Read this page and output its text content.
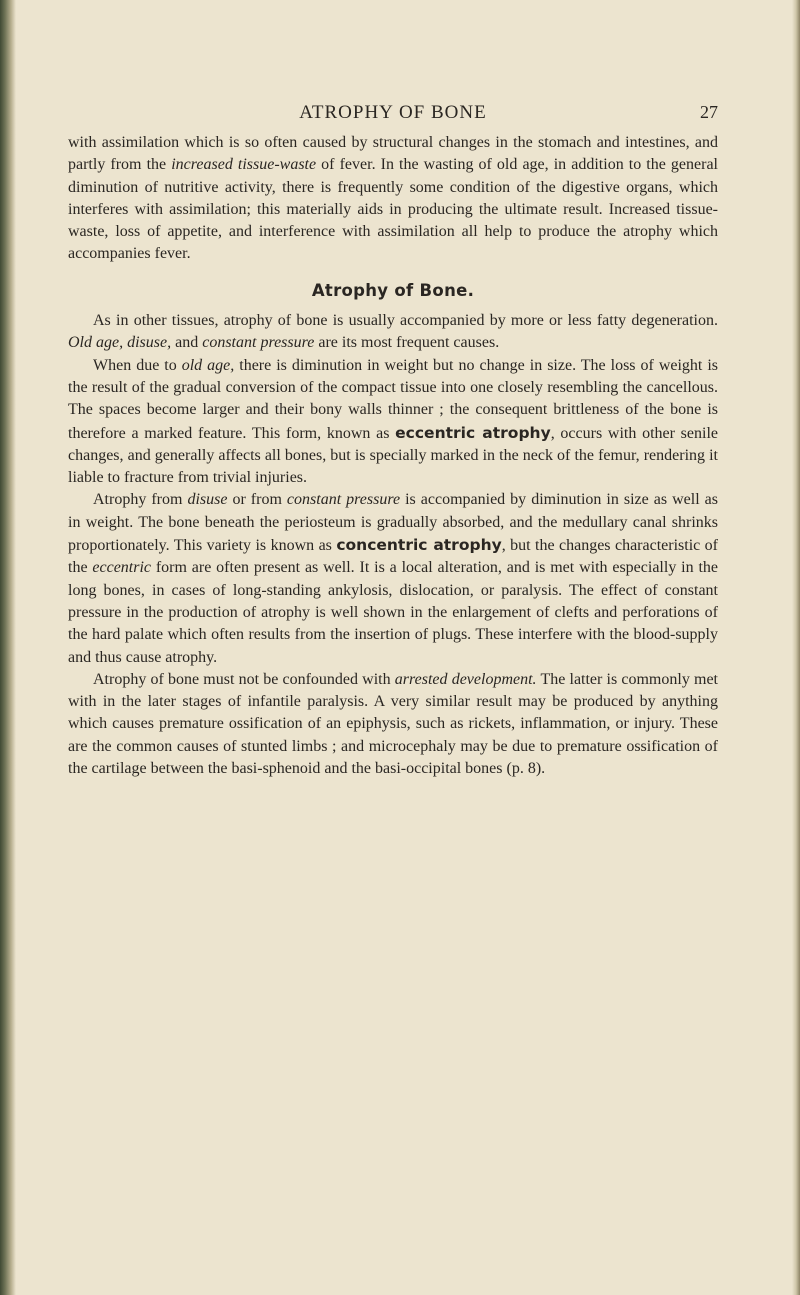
ATROPHY OF BONE	27

with assimilation which is so often caused by structural changes in the stomach and intestines, and partly from the increased tissue-waste of fever. In the wasting of old age, in addition to the general diminution of nutritive activity, there is frequently some condition of the digestive organs, which interferes with assimilation; this materially aids in producing the ultimate result. Increased tissue-waste, loss of appetite, and interference with assimilation all help to produce the atrophy which accompanies fever.

Atrophy of Bone.

As in other tissues, atrophy of bone is usually accompanied by more or less fatty degeneration. Old age, disuse, and constant pressure are its most frequent causes.

When due to old age, there is diminution in weight but no change in size. The loss of weight is the result of the gradual conversion of the compact tissue into one closely resembling the cancellous. The spaces become larger and their bony walls thinner ; the consequent brittleness of the bone is therefore a marked feature. This form, known as eccentric atrophy, occurs with other senile changes, and generally affects all bones, but is specially marked in the neck of the femur, rendering it liable to fracture from trivial injuries.

Atrophy from disuse or from constant pressure is accompanied by diminution in size as well as in weight. The bone beneath the periosteum is gradually absorbed, and the medullary canal shrinks proportionately. This variety is known as concentric atrophy, but the changes characteristic of the eccentric form are often present as well. It is a local alteration, and is met with especially in the long bones, in cases of long-standing ankylosis, dislocation, or paralysis. The effect of constant pressure in the production of atrophy is well shown in the enlargement of clefts and perforations of the hard palate which often results from the insertion of plugs. These interfere with the blood-supply and thus cause atrophy.

Atrophy of bone must not be confounded with arrested development. The latter is commonly met with in the later stages of infantile paralysis. A very similar result may be produced by anything which causes premature ossification of an epiphysis, such as rickets, inflammation, or injury. These are the common causes of stunted limbs ; and microcephaly may be due to premature ossification of the cartilage between the basi-sphenoid and the basi-occipital bones (p. 8).
